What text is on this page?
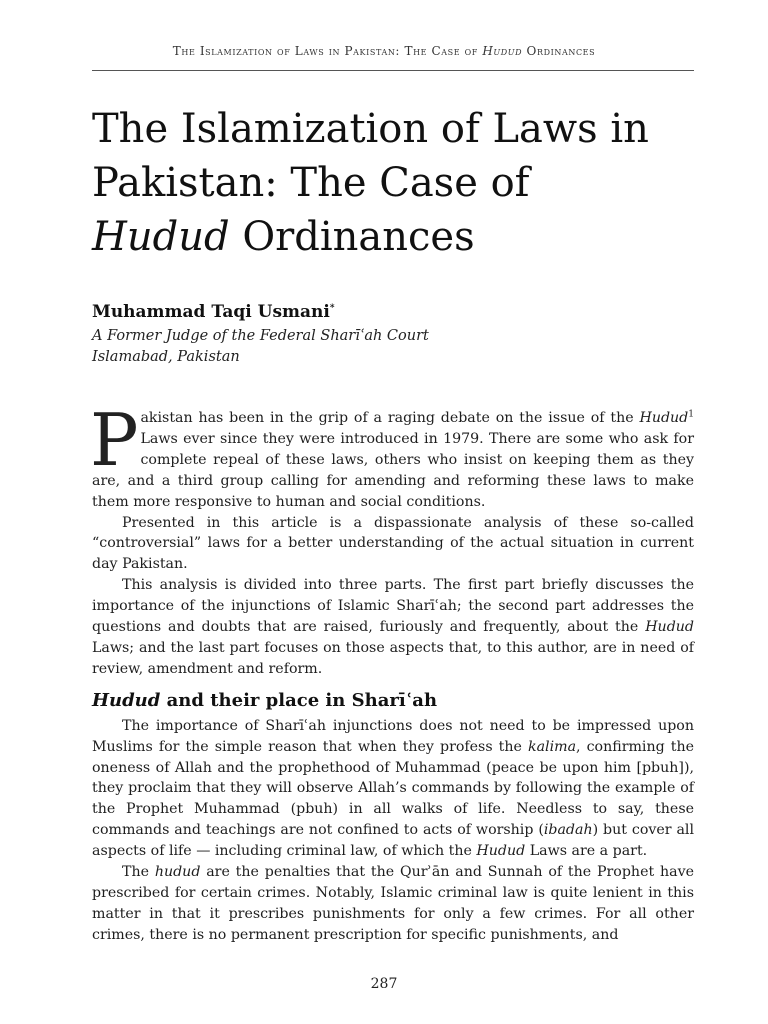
The Islamization of Laws in Pakistan: The Case of Hudud Ordinances
The Islamization of Laws in
Pakistan: The Case of
Hudud Ordinances
Muhammad Taqi Usmani*
A Former Judge of the Federal Sharīʿah Court
Islamabad, Pakistan

Pakistan has been in the grip of a raging debate on the issue of the Hudud$^1$ Laws ever since they were introduced in 1979. There are some who ask for complete repeal of these laws, others who insist on keeping them as they are, and a third group calling for amending and reforming these laws to make them more responsive to human and social conditions.

Presented in this article is a dispassionate analysis of these so-called “controversial” laws for a better understanding of the actual situation in current day Pakistan.

This analysis is divided into three parts. The first part briefly discusses the importance of the injunctions of Islamic Sharīʿah; the second part addresses the questions and doubts that are raised, furiously and frequently, about the Hudud Laws; and the last part focuses on those aspects that, to this author, are in need of review, amendment and reform.

Hudud and their place in Sharīʿah

The importance of Sharīʿah injunctions does not need to be impressed upon Muslims for the simple reason that when they profess the kalima, confirming the oneness of Allah and the prophethood of Muhammad (peace be upon him [pbuh]), they proclaim that they will observe Allah’s commands by following the example of the Prophet Muhammad (pbuh) in all walks of life. Needless to say, these commands and teachings are not confined to acts of worship (ibadah) but cover all aspects of life — including criminal law, of which the Hudud Laws are a part.

The hudud are the penalties that the Qurʾān and Sunnah of the Prophet have prescribed for certain crimes. Notably, Islamic criminal law is quite lenient in this matter in that it prescribes punishments for only a few crimes. For all other crimes, there is no permanent prescription for specific punishments, and

287
